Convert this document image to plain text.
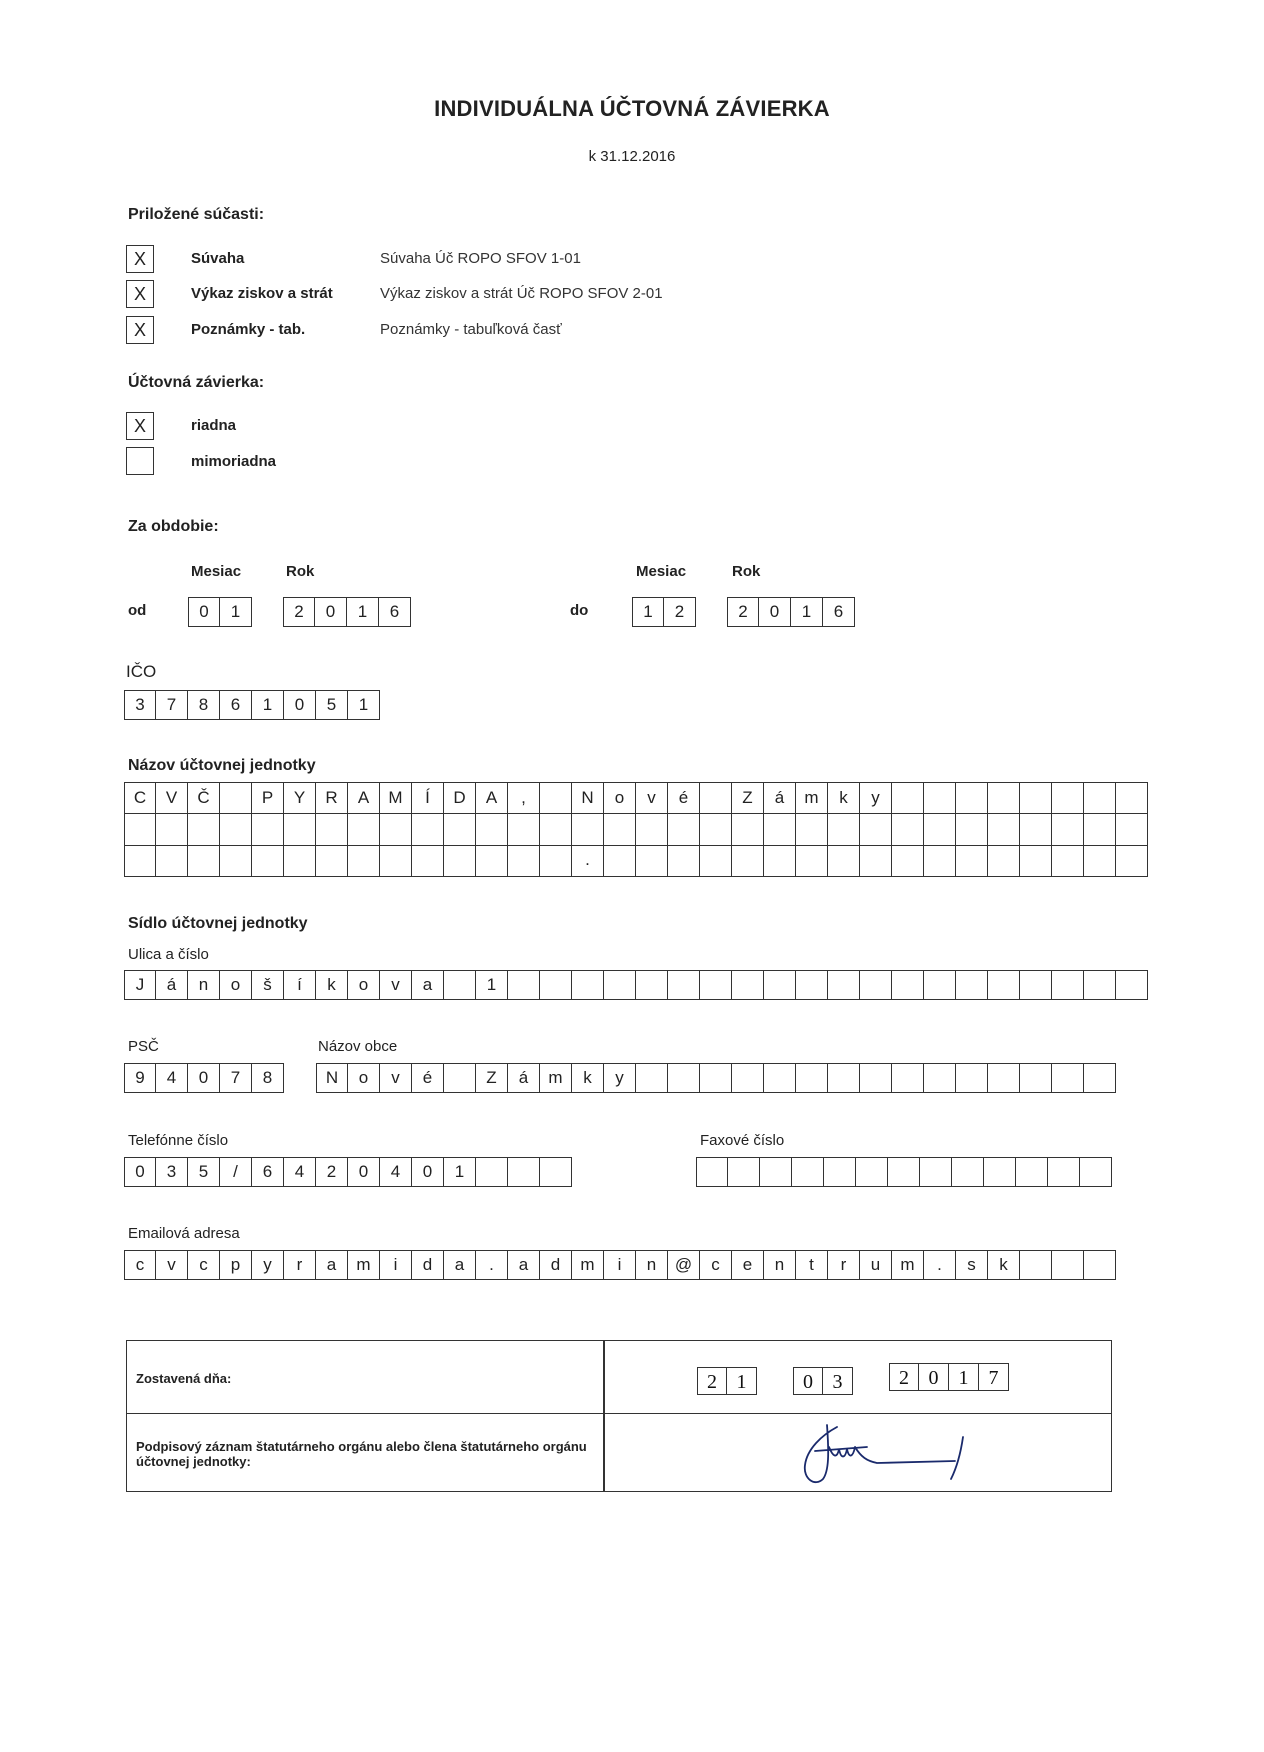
INDIVIDUÁLNA ÚČTOVNÁ ZÁVIERKA
k 31.12.2016
Priložené súčasti:
X	Súvaha	Súvaha Úč ROPO SFOV 1-01
X	Výkaz ziskov a strát	Výkaz ziskov a strát Úč ROPO SFOV 2-01
X	Poznámky - tab.	Poznámky - tabuľková časť
Účtovná závierka:
X	riadna
mimoriadna
Za obdobie:
Mesiac	Rok	Mesiac	Rok
od	0	1	2	0	1	6	do	1	2	2	0	1	6
IČO
3	7	8	6	1	0	5	1
Názov účtovnej jednotky
C	V	Č	P	Y	R	A	M	Í	D	A	,	N	o	v	é	Z	á	m	k	y
.
Sídlo účtovnej jednotky
Ulica a číslo
J	á	n	o	š	í	k	o	v	a	1
PSČ	Názov obce
9	4	0	7	8	N	o	v	é	Z	á	m	k	y
Telefónne číslo	Faxové číslo
0	3	5	/	6	4	2	0	4	0	1
Emailová adresa
c	v	c	p	y	r	a	m	i	d	a	.	a	d	m	i	n	@	c	e	n	t	r	u	m	.	s	k
Zostavená dňa:	2 1	0 3	2 0	1	7
Podpisový záznam štatutárneho orgánu alebo člena štatutárneho orgánu účtovnej jednotky:
